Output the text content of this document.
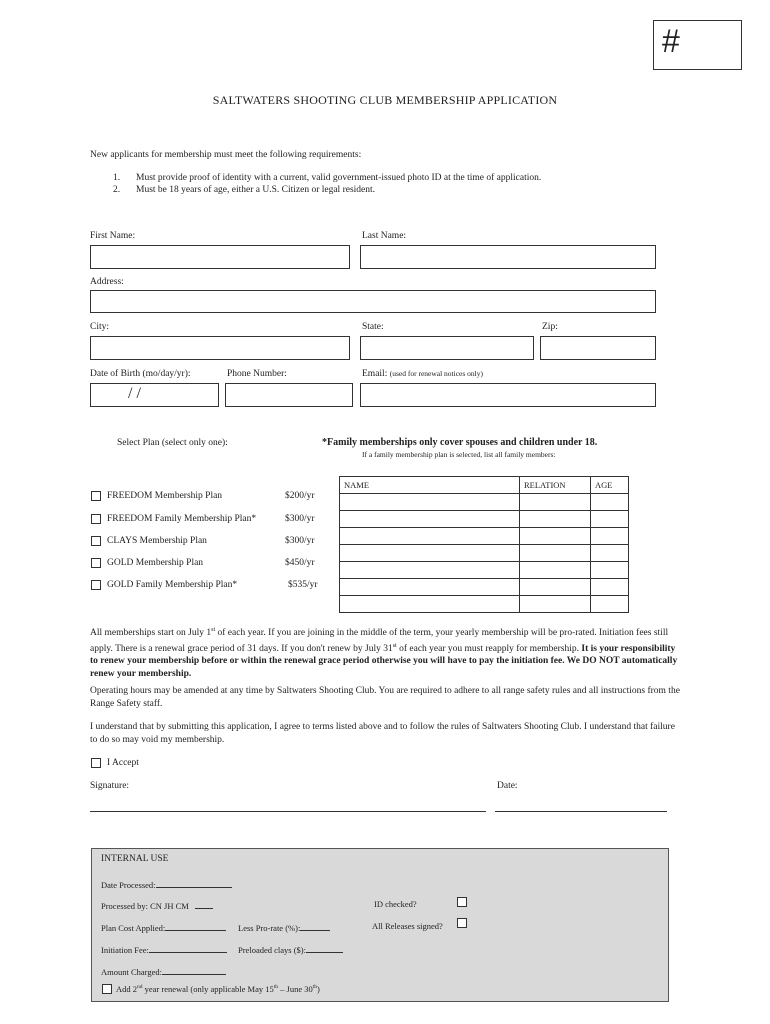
#
SALTWATERS SHOOTING CLUB MEMBERSHIP APPLICATION
New applicants for membership must meet the following requirements:
1. Must provide proof of identity with a current, valid government-issued photo ID at the time of application.
2. Must be 18 years of age, either a U.S. Citizen or legal resident.
First Name:	Last Name:
Address:
City:	State:	Zip:
Date of Birth (mo/day/yr):
/ /
Phone Number:	Email: (used for renewal notices only)
Select Plan (select only one):	*Family memberships only cover spouses and children under 18.
If a family membership plan is selected, list all family members:
FREEDOM Membership Plan	$200/yr
FREEDOM Family Membership Plan*	$300/yr
CLAYS Membership Plan	$300/yr
GOLD Membership Plan	$450/yr
GOLD Family Membership Plan*	$535/yr
NAME	RELATION	AGE

All memberships start on July 1st of each year. If you are joining in the middle of the term, your yearly membership will be pro-rated. Initiation fees still apply. There is a renewal grace period of 31 days. If you don't renew by July 31st of each year you must reapply for membership. It is your responsibility to renew your membership before or within the renewal grace period otherwise you will have to pay the initiation fee. We DO NOT automatically renew your membership.
Operating hours may be amended at any time by Saltwaters Shooting Club. You are required to adhere to all range safety rules and all instructions from the Range Safety staff.
I understand that by submitting this application, I agree to terms listed above and to follow the rules of Saltwaters Shooting Club. I understand that failure to do so may void my membership.
I Accept
Signature:	Date:
INTERNAL USE
Date Processed:
Processed by: CN JH CM	ID checked?
Plan Cost Applied:	Less Pro-rate (%):	All Releases signed?
Initiation Fee:	Preloaded clays ($):
Amount Charged:
Add 2nd year renewal (only applicable May 15th – June 30th)
